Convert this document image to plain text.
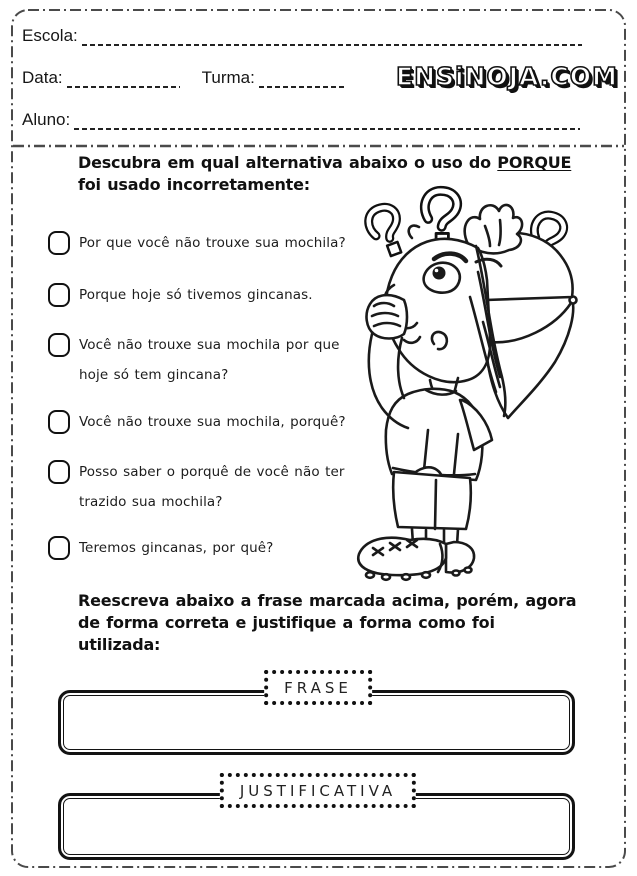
Escola:
Data:	Turma:	ENSiNOJA.COM
Aluno:
Descubra em qual alternativa abaixo o uso do PORQUE foi usado incorretamente:
Por que você não trouxe sua mochila?
Porque hoje só tivemos gincanas.
Você não trouxe sua mochila por que hoje só tem gincana?
Você não trouxe sua mochila, porquê?
Posso saber o porquê de você não ter trazido sua mochila?
Teremos gincanas, por quê?
Reescreva abaixo a frase marcada acima, porém, agora de forma correta e justifique a forma como foi utilizada:
FRASE
JUSTIFICATIVA
